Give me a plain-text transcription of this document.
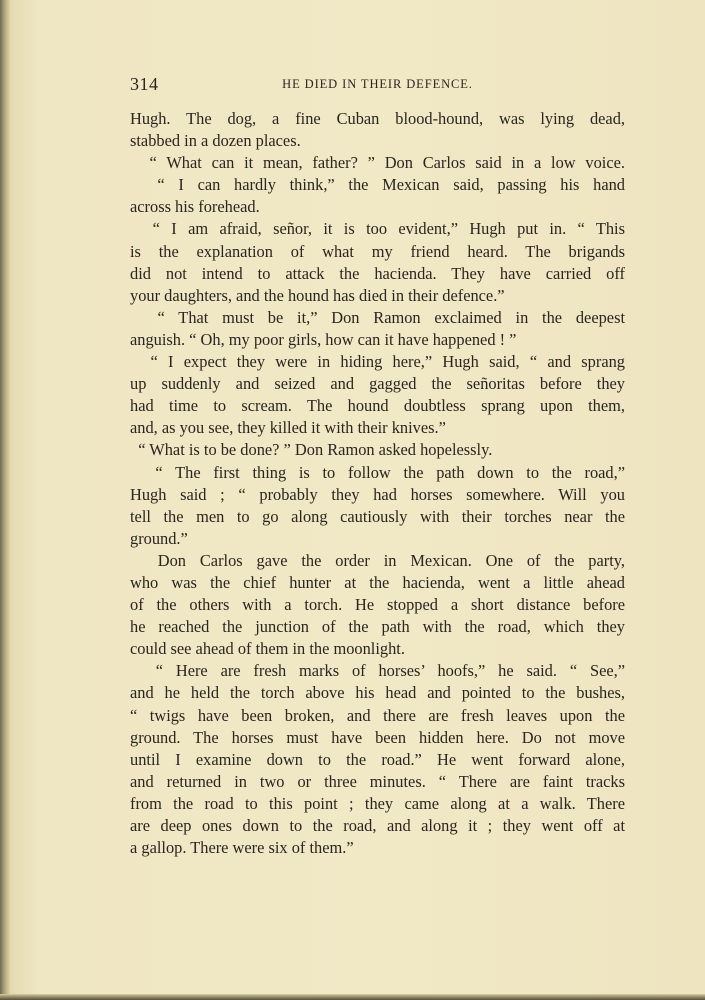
314	HE DIED IN THEIR DEFENCE.
Hugh. The dog, a fine Cuban blood-hound, was lying dead,
stabbed in a dozen places.
“ What can it mean, father? ” Don Carlos said in a low voice.
“ I can hardly think,” the Mexican said, passing his hand
across his forehead.
“ I am afraid, señor, it is too evident,” Hugh put in. “ This
is the explanation of what my friend heard. The brigands
did not intend to attack the hacienda. They have carried off
your daughters, and the hound has died in their defence.”
“ That must be it,” Don Ramon exclaimed in the deepest
anguish. “ Oh, my poor girls, how can it have happened ! ”
“ I expect they were in hiding here,” Hugh said, “ and sprang
up suddenly and seized and gagged the señoritas before they
had time to scream. The hound doubtless sprang upon them,
and, as you see, they killed it with their knives.”
“ What is to be done? ” Don Ramon asked hopelessly.
“ The first thing is to follow the path down to the road,”
Hugh said ; “ probably they had horses somewhere. Will you
tell the men to go along cautiously with their torches near the
ground.”
Don Carlos gave the order in Mexican. One of the party,
who was the chief hunter at the hacienda, went a little ahead
of the others with a torch. He stopped a short distance before
he reached the junction of the path with the road, which they
could see ahead of them in the moonlight.
“ Here are fresh marks of horses’ hoofs,” he said. “ See,”
and he held the torch above his head and pointed to the bushes,
“ twigs have been broken, and there are fresh leaves upon the
ground. The horses must have been hidden here. Do not move
until I examine down to the road.” He went forward alone,
and returned in two or three minutes. “ There are faint tracks
from the road to this point ; they came along at a walk. There
are deep ones down to the road, and along it ; they went off at
a gallop. There were six of them.”
